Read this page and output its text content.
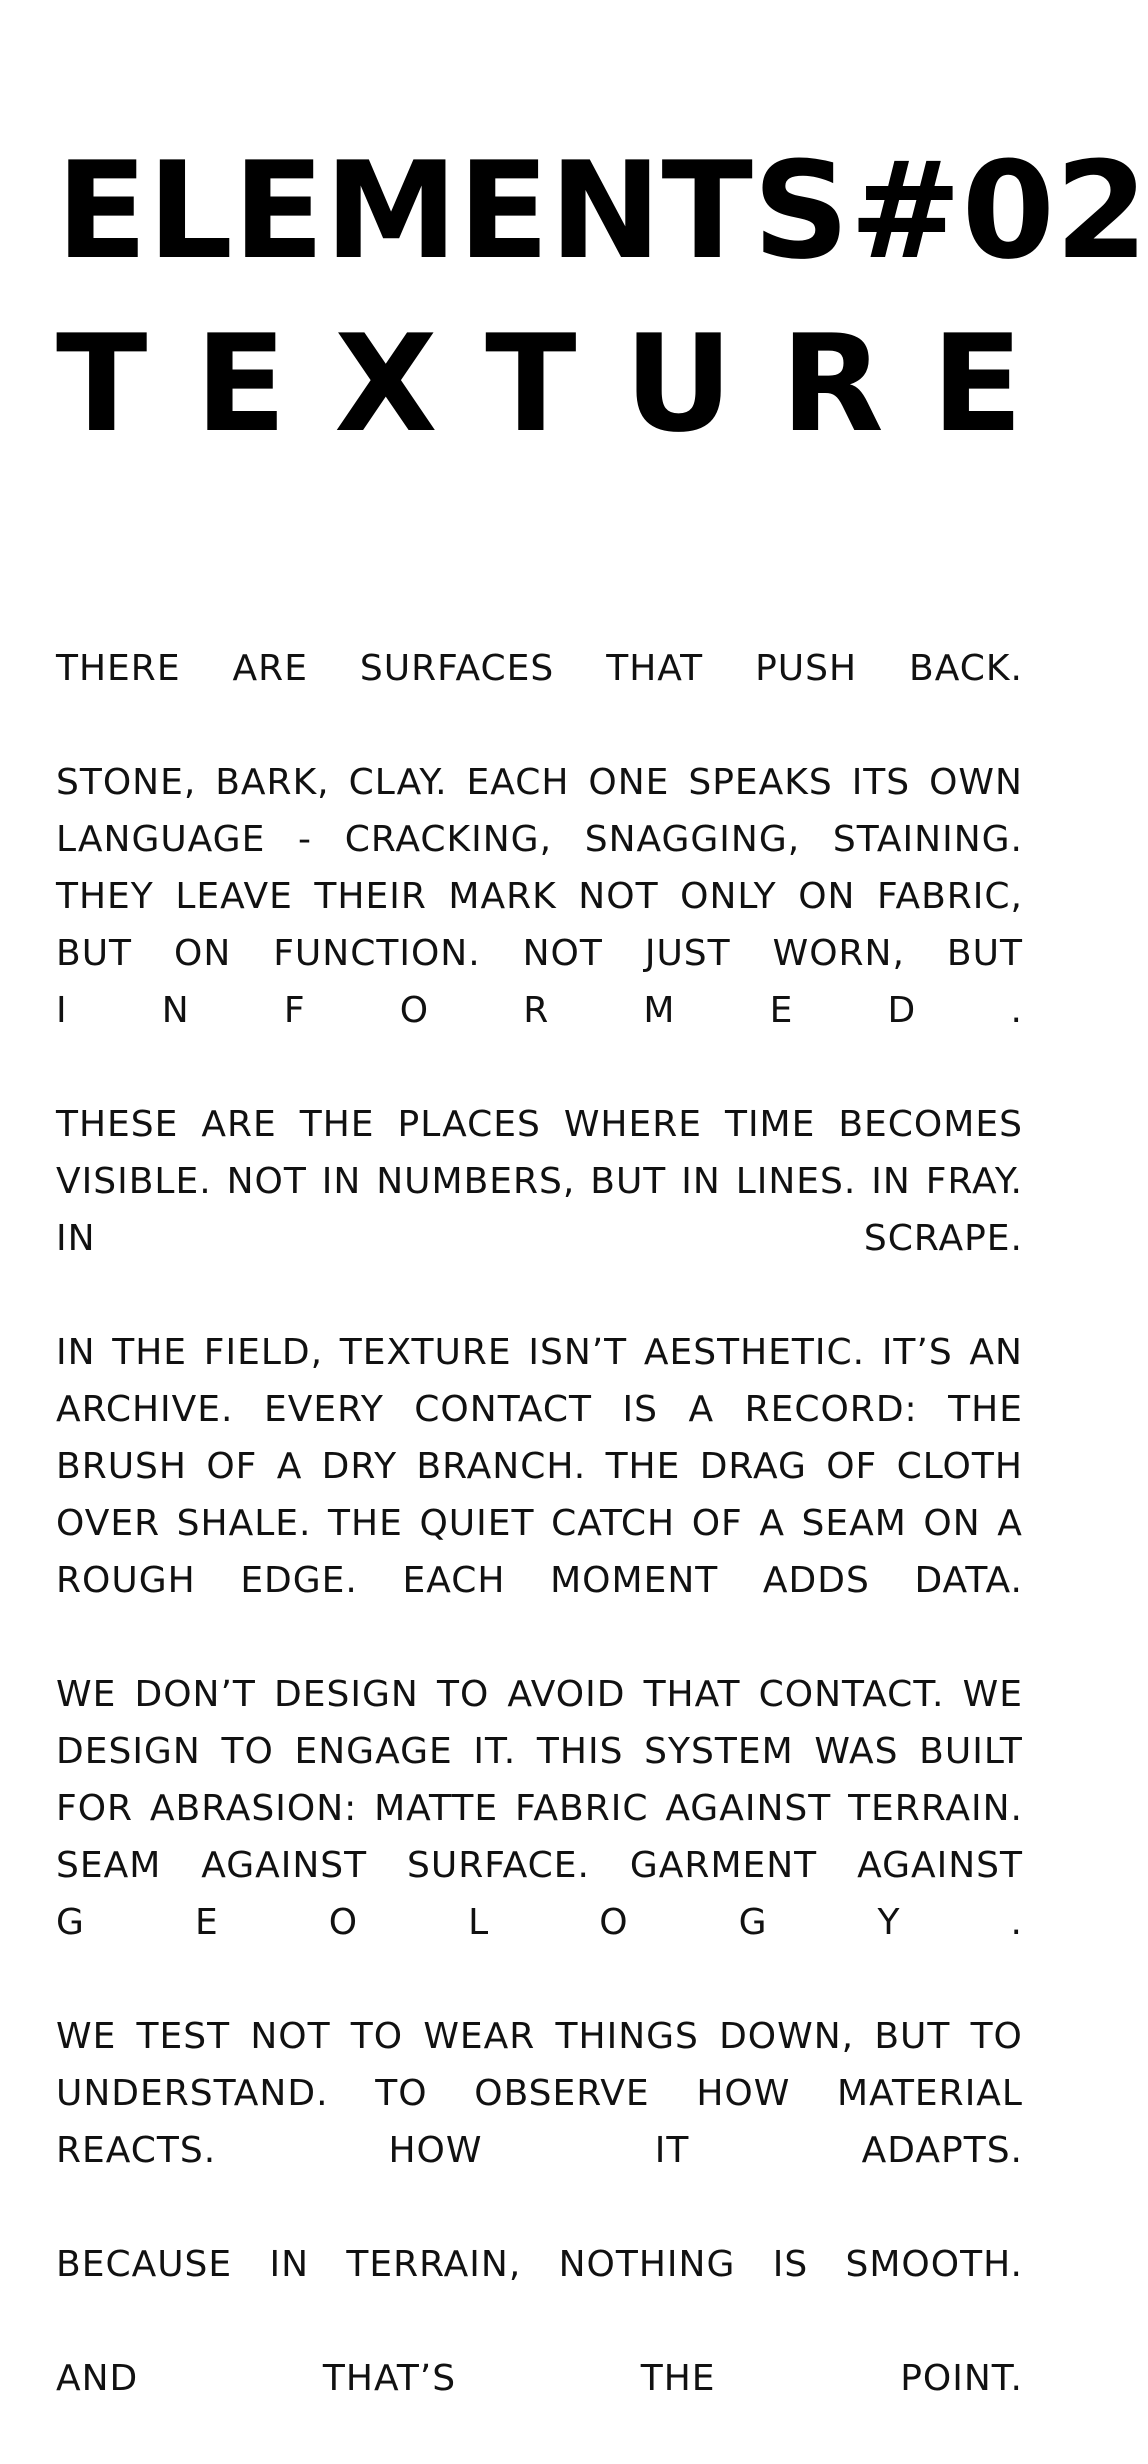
ELEMENTS #02
T E X T U R E
THERE ARE SURFACES THAT PUSH BACK.
STONE, BARK, CLAY. EACH ONE SPEAKS ITS OWN
LANGUAGE - CRACKING, SNAGGING, STAINING.
THEY LEAVE THEIR MARK NOT ONLY ON FABRIC,
BUT ON FUNCTION. NOT JUST WORN, BUT
I	N	F	O	R	M	E	D	.
THESE ARE THE PLACES WHERE TIME BECOMES
VISIBLE. NOT IN NUMBERS, BUT IN LINES. IN FRAY.
IN	SCRAPE.
IN THE FIELD, TEXTURE ISN’T AESTHETIC. IT’S AN
ARCHIVE. EVERY CONTACT IS A RECORD: THE
BRUSH OF A DRY BRANCH. THE DRAG OF CLOTH
OVER SHALE. THE QUIET CATCH OF A SEAM ON A
ROUGH EDGE. EACH MOMENT ADDS DATA.
WE DON’T DESIGN TO AVOID THAT CONTACT. WE
DESIGN TO ENGAGE IT. THIS SYSTEM WAS BUILT
FOR ABRASION: MATTE FABRIC AGAINST TERRAIN.
SEAM AGAINST SURFACE. GARMENT AGAINST
G	E	O	L	O	G	Y	.
WE TEST NOT TO WEAR THINGS DOWN, BUT TO
UNDERSTAND. TO OBSERVE HOW MATERIAL
REACTS.	HOW	IT	ADAPTS.
BECAUSE IN TERRAIN, NOTHING IS SMOOTH.
AND	THAT’S	THE	POINT.
